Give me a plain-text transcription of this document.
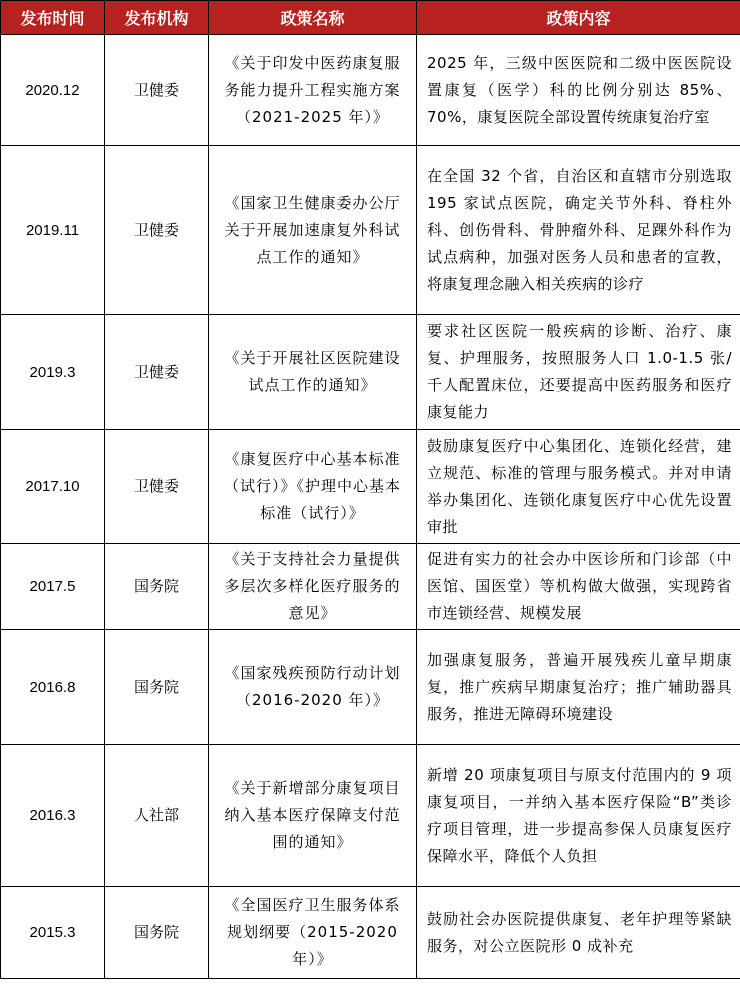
发布时间	发布机构	政策名称	政策内容
2020.12	卫健委	《关于印发中医药康复服务能力提升工程实施方案（2021-2025 年）》	2025 年，三级中医医院和二级中医医院设置康复（医学）科的比例分别达 85%、70%，康复医院全部设置传统康复治疗室
2019.11	卫健委	《国家卫生健康委办公厅关于开展加速康复外科试点工作的通知》	在全国 32 个省，自治区和直辖市分别选取 195 家试点医院，确定关节外科、脊柱外科、创伤骨科、骨肿瘤外科、足踝外科作为试点病种，加强对医务人员和患者的宣教，将康复理念融入相关疾病的诊疗
2019.3	卫健委	《关于开展社区医院建设试点工作的通知》	要求社区医院一般疾病的诊断、治疗、康复、护理服务，按照服务人口 1.0-1.5 张/千人配置床位，还要提高中医药服务和医疗康复能力
2017.10	卫健委	《康复医疗中心基本标准（试行）》《护理中心基本标准（试行）》	鼓励康复医疗中心集团化、连锁化经营，建立规范、标准的管理与服务模式。并对申请举办集团化、连锁化康复医疗中心优先设置审批
2017.5	国务院	《关于支持社会力量提供多层次多样化医疗服务的意见》	促进有实力的社会办中医诊所和门诊部（中医馆、国医堂）等机构做大做强，实现跨省市连锁经营、规模发展
2016.8	国务院	《国家残疾预防行动计划（2016-2020 年）》	加强康复服务，普遍开展残疾儿童早期康复，推广疾病早期康复治疗；推广辅助器具服务，推进无障碍环境建设
2016.3	人社部	《关于新增部分康复项目纳入基本医疗保障支付范围的通知》	新增 20 项康复项目与原支付范围内的 9 项康复项目，一并纳入基本医疗保险“B”类诊疗项目管理，进一步提高参保人员康复医疗保障水平，降低个人负担
2015.3	国务院	《全国医疗卫生服务体系规划纲要（2015-2020 年）》	鼓励社会办医院提供康复、老年护理等紧缺服务，对公立医院形 0 成补充
